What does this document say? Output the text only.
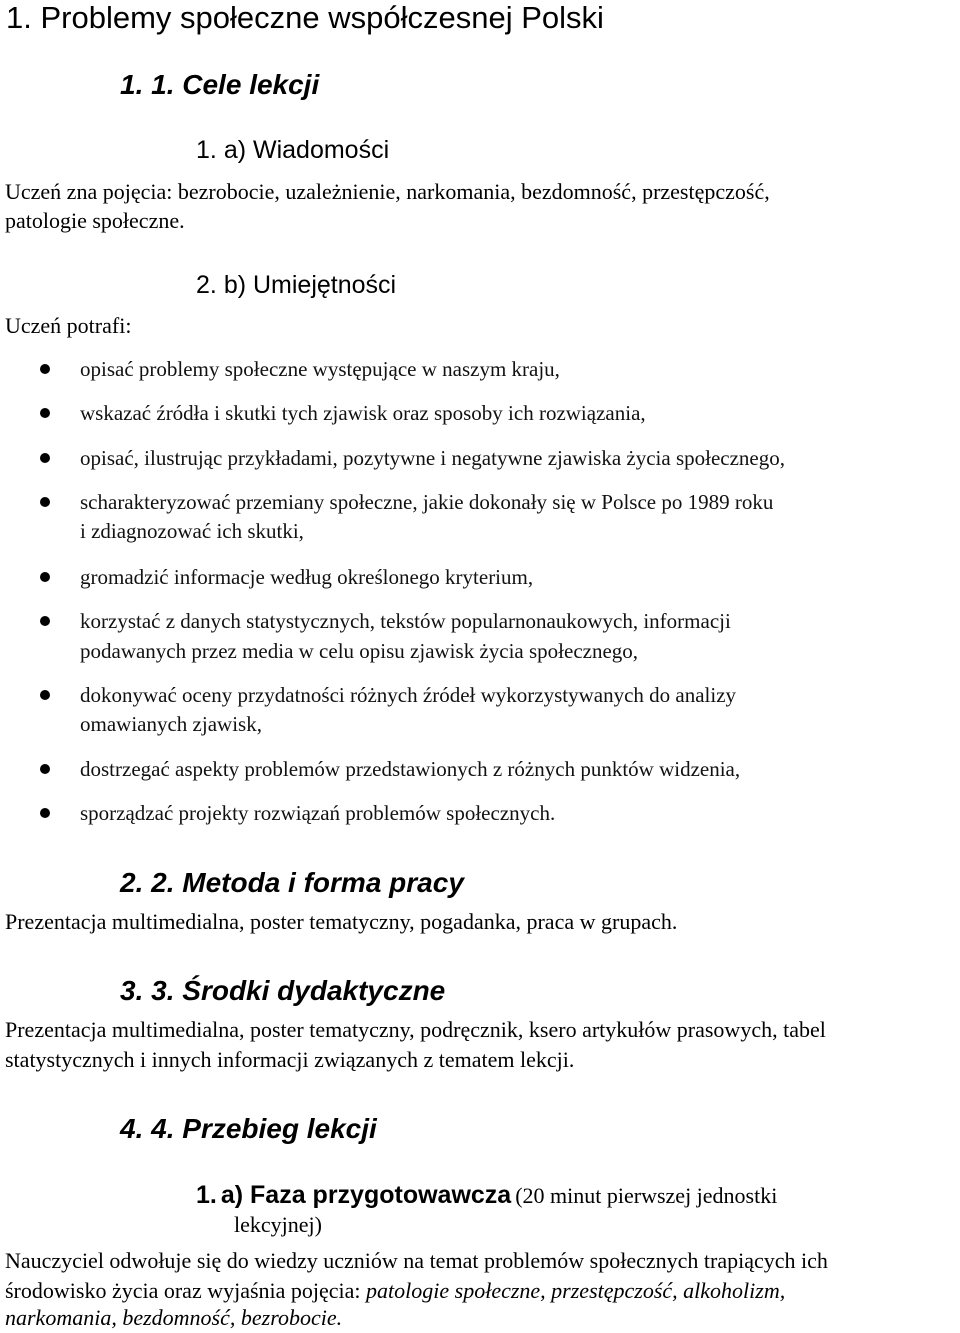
1. Problemy społeczne współczesnej Polski
1. 1. Cele lekcji
1. a) Wiadomości
Uczeń zna pojęcia: bezrobocie, uzależnienie, narkomania, bezdomność, przestępczość,
patologie społeczne.
2. b) Umiejętności
Uczeń potrafi:
opisać problemy społeczne występujące w naszym kraju,
wskazać źródła i skutki tych zjawisk oraz sposoby ich rozwiązania,
opisać, ilustrując przykładami, pozytywne i negatywne zjawiska życia społecznego,
scharakteryzować przemiany społeczne, jakie dokonały się w Polsce po 1989 roku
i zdiagnozować ich skutki,
gromadzić informacje według określonego kryterium,
korzystać z danych statystycznych, tekstów popularnonaukowych, informacji
podawanych przez media w celu opisu zjawisk życia społecznego,
dokonywać oceny przydatności różnych źródeł wykorzystywanych do analizy
omawianych zjawisk,
dostrzegać aspekty problemów przedstawionych z różnych punktów widzenia,
sporządzać projekty rozwiązań problemów społecznych.
2. 2. Metoda i forma pracy
Prezentacja multimedialna, poster tematyczny, pogadanka, praca w grupach.
3. 3. Środki dydaktyczne
Prezentacja multimedialna, poster tematyczny, podręcznik, ksero artykułów prasowych, tabel
statystycznych i innych informacji związanych z tematem lekcji.
4. 4. Przebieg lekcji
1. a) Faza przygotowawcza (20 minut pierwszej jednostki
lekcyjnej)
Nauczyciel odwołuje się do wiedzy uczniów na temat problemów społecznych trapiących ich
środowisko życia oraz wyjaśnia pojęcia: patologie społeczne, przestępczość, alkoholizm,
narkomania, bezdomność, bezrobocie.
